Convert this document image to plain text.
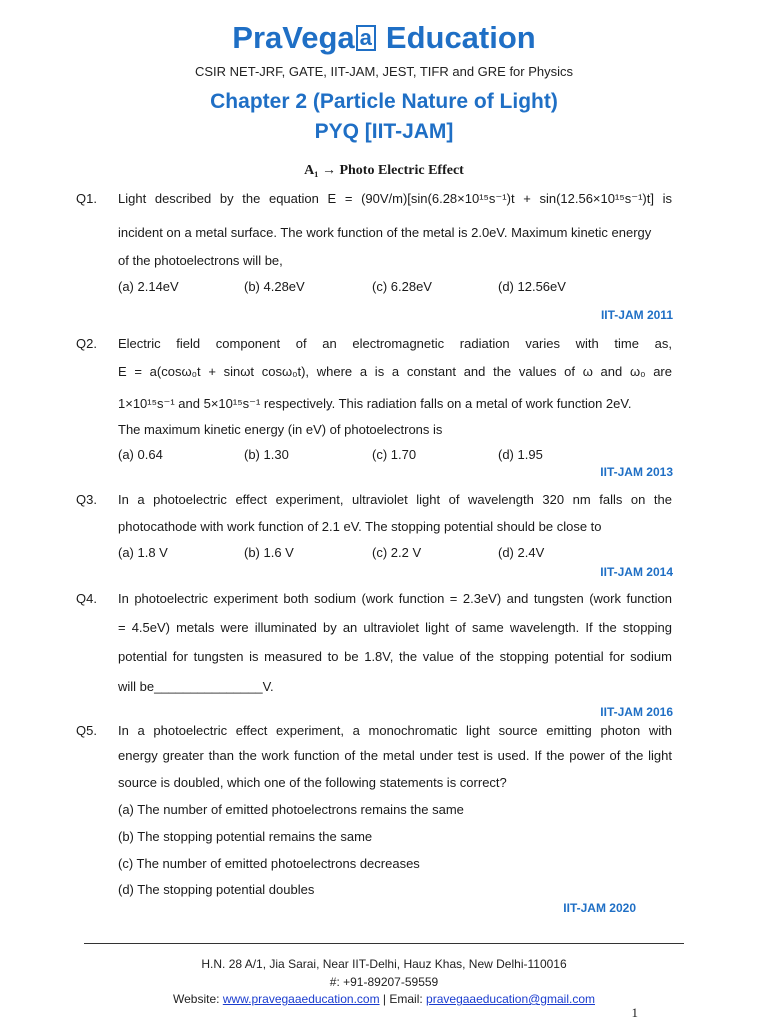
PraVega a Education
CSIR NET-JRF, GATE, IIT-JAM, JEST, TIFR and GRE for Physics
Chapter 2 (Particle Nature of Light)
PYQ [IIT-JAM]
A₁ → Photo Electric Effect
Q1. Light described by the equation E = (90V/m)[sin(6.28×10¹⁵s⁻¹)t + sin(12.56×10¹⁵s⁻¹)t] is
incident on a metal surface. The work function of the metal is 2.0eV. Maximum kinetic energy
of the photoelectrons will be,
(a) 2.14eV	(b) 4.28eV	(c) 6.28eV	(d) 12.56eV
IIT-JAM 2011
Q2. Electric field component of an electromagnetic radiation varies with time as,
E = a(cosω₀t + sinωt cosω₀t), where a is a constant and the values of ω and ω₀ are
1×10¹⁵s⁻¹ and 5×10¹⁵s⁻¹ respectively. This radiation falls on a metal of work function 2eV.
The maximum kinetic energy (in eV) of photoelectrons is
(a) 0.64	(b) 1.30	(c) 1.70	(d) 1.95
IIT-JAM 2013
Q3. In a photoelectric effect experiment, ultraviolet light of wavelength 320 nm falls on the
photocathode with work function of 2.1 eV. The stopping potential should be close to
(a) 1.8 V	(b) 1.6 V	(c) 2.2 V	(d) 2.4V
IIT-JAM 2014
Q4. In photoelectric experiment both sodium (work function = 2.3eV) and tungsten (work function
= 4.5eV) metals were illuminated by an ultraviolet light of same wavelength. If the stopping
potential for tungsten is measured to be 1.8V, the value of the stopping potential for sodium
will be_______________V.
IIT-JAM 2016
Q5. In a photoelectric effect experiment, a monochromatic light source emitting photon with
energy greater than the work function of the metal under test is used. If the power of the light
source is doubled, which one of the following statements is correct?
(a) The number of emitted photoelectrons remains the same
(b) The stopping potential remains the same
(c) The number of emitted photoelectrons decreases
(d) The stopping potential doubles
IIT-JAM 2020
H.N. 28 A/1, Jia Sarai, Near IIT-Delhi, Hauz Khas, New Delhi-110016
#: +91-89207-59559
Website: www.pravegaaeducation.com | Email: pravegaaeducation@gmail.com
1
